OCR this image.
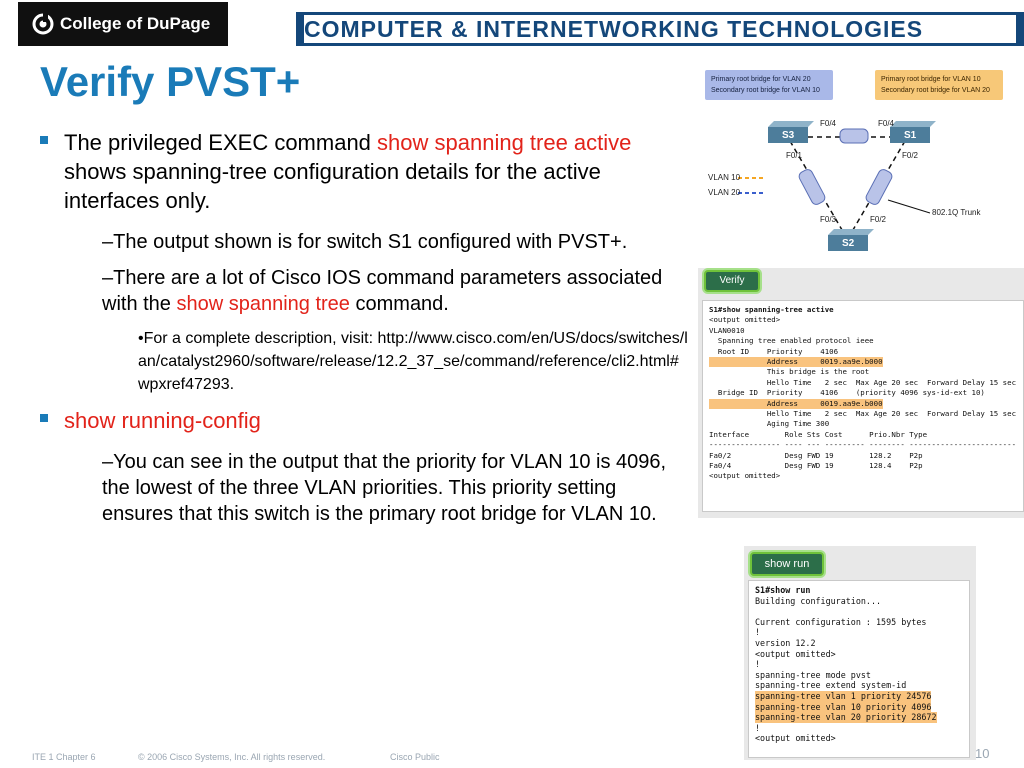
College of DuPage	COMPUTER & INTERNETWORKING TECHNOLOGIES
Verify PVST+
The privileged EXEC command show spanning tree active shows spanning-tree configuration details for the active interfaces only.
–The output shown is for switch S1 configured with PVST+.
–There are a lot of Cisco IOS command parameters associated with the show spanning tree command.
•For a complete description, visit: http://www.cisco.com/en/US/docs/switches/lan/catalyst2960/software/release/12.2_37_se/command/reference/cli2.html#wpxref47293.
show running-config
–You can see in the output that the priority for VLAN 10 is 4096, the lowest of the three VLAN priorities. This priority setting ensures that this switch is the primary root bridge for VLAN 10.
Primary root bridge for VLAN 20
Secondary root bridge for VLAN 10
Primary root bridge for VLAN 10
Secondary root bridge for VLAN 20
S3	S1
S2
F0/4	F0/4
F0/1	F0/2
F0/3	F0/2
VLAN 10
VLAN 20
802.1Q Trunk
Verify
S1#show spanning-tree active
<output omitted>
VLAN0010
Spanning tree enabled protocol ieee
Root ID    Priority    4106
Address     0019.aa9e.b000
This bridge is the root
Hello Time   2 sec  Max Age 20 sec  Forward Delay 15 sec
Bridge ID  Priority    4106    (priority 4096 sys-id-ext 10)
Address     0019.aa9e.b000
Hello Time   2 sec  Max Age 20 sec  Forward Delay 15 sec
Aging Time 300
Interface        Role Sts Cost      Prio.Nbr Type
---------------- ---- --- --------- -------- ------------------------
Fa0/2            Desg FWD 19        128.2    P2p
Fa0/4            Desg FWD 19        128.4    P2p
<output omitted>
show run
S1#show run
Building configuration...
Current configuration : 1595 bytes
!
version 12.2
<output omitted>
!
spanning-tree mode pvst
spanning-tree extend system-id
spanning-tree vlan 1 priority 24576
spanning-tree vlan 10 priority 4096
spanning-tree vlan 20 priority 28672
!
<output omitted>
ITE 1 Chapter 6	© 2006 Cisco Systems, Inc. All rights reserved.	Cisco Public	10
